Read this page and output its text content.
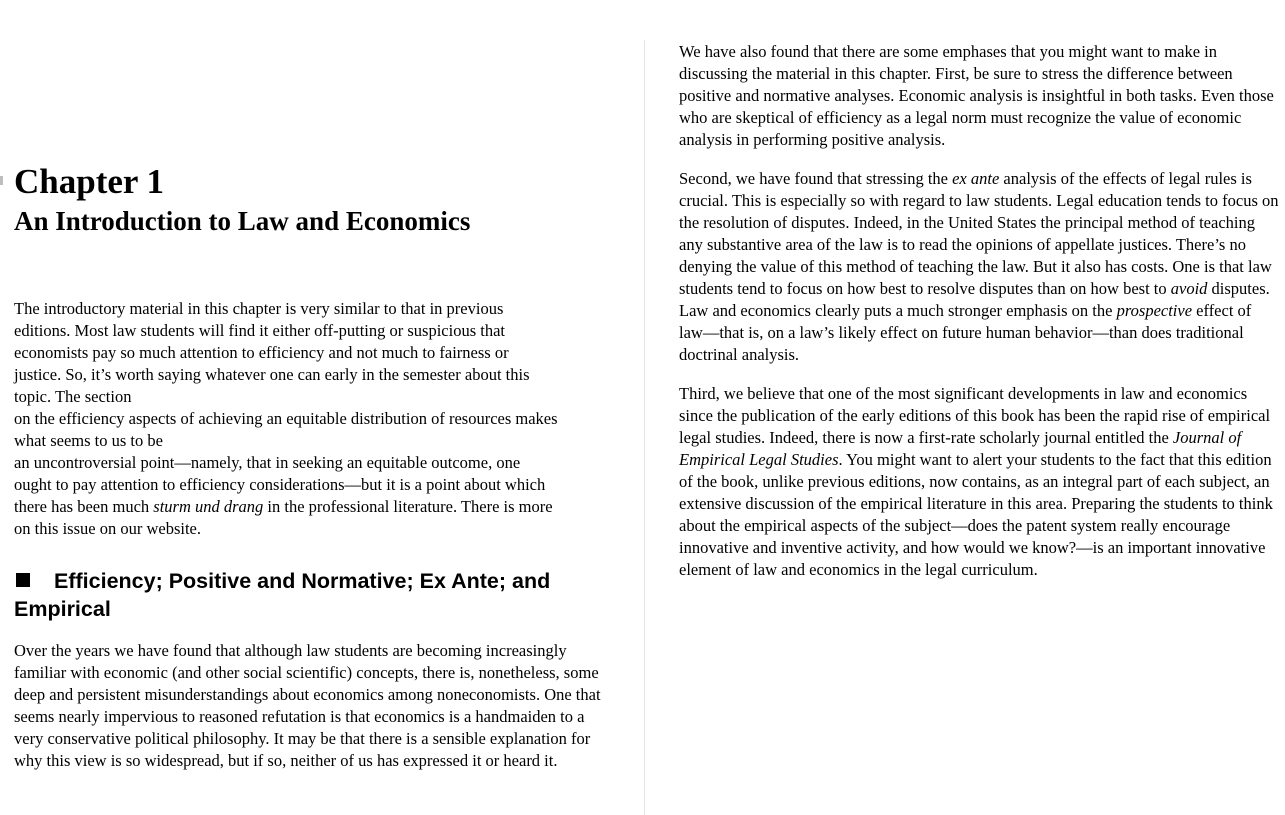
Chapter 1
An Introduction to Law and Economics
The introductory material in this chapter is very similar to that in previous
editions. Most law students will find it either off-putting or suspicious that
economists pay so much attention to efficiency and not much to fairness or
justice. So, it’s worth saying whatever one can early in the semester about this
topic. The section
on the efficiency aspects of achieving an equitable distribution of resources makes
what seems to us to be
an uncontroversial point—namely, that in seeking an equitable outcome, one
ought to pay attention to efficiency considerations—but it is a point about which
there has been much sturm und drang in the professional literature. There is more
on this issue on our website.
Efficiency; Positive and Normative; Ex Ante; and Empirical

Over the years we have found that although law students are becoming increasingly familiar with economic (and other social scientific) concepts, there is, nonetheless, some deep and persistent misunderstandings about economics among noneconomists. One that seems nearly impervious to reasoned refutation is that economics is a handmaiden to a very conservative political philosophy. It may be that there is a sensible explanation for why this view is so widespread, but if so, neither of us has expressed it or heard it.

We have also found that there are some emphases that you might want to make in discussing the material in this chapter. First, be sure to stress the difference between positive and normative analyses. Economic analysis is insightful in both tasks. Even those who are skeptical of efficiency as a legal norm must recognize the value of economic analysis in performing positive analysis.

Second, we have found that stressing the ex ante analysis of the effects of legal rules is crucial. This is especially so with regard to law students. Legal education tends to focus on the resolution of disputes. Indeed, in the United States the principal method of teaching any substantive area of the law is to read the opinions of appellate justices. There’s no denying the value of this method of teaching the law. But it also has costs. One is that law students tend to focus on how best to resolve disputes than on how best to avoid disputes. Law and economics clearly puts a much stronger emphasis on the prospective effect of law—that is, on a law’s likely effect on future human behavior—than does traditional doctrinal analysis.

Third, we believe that one of the most significant developments in law and economics since the publication of the early editions of this book has been the rapid rise of empirical legal studies. Indeed, there is now a first-rate scholarly journal entitled the Journal of Empirical Legal Studies. You might want to alert your students to the fact that this edition of the book, unlike previous editions, now contains, as an integral part of each subject, an extensive discussion of the empirical literature in this area. Preparing the students to think about the empirical aspects of the subject—does the patent system really encourage innovative and inventive activity, and how would we know?—is an important innovative element of law and economics in the legal curriculum.
